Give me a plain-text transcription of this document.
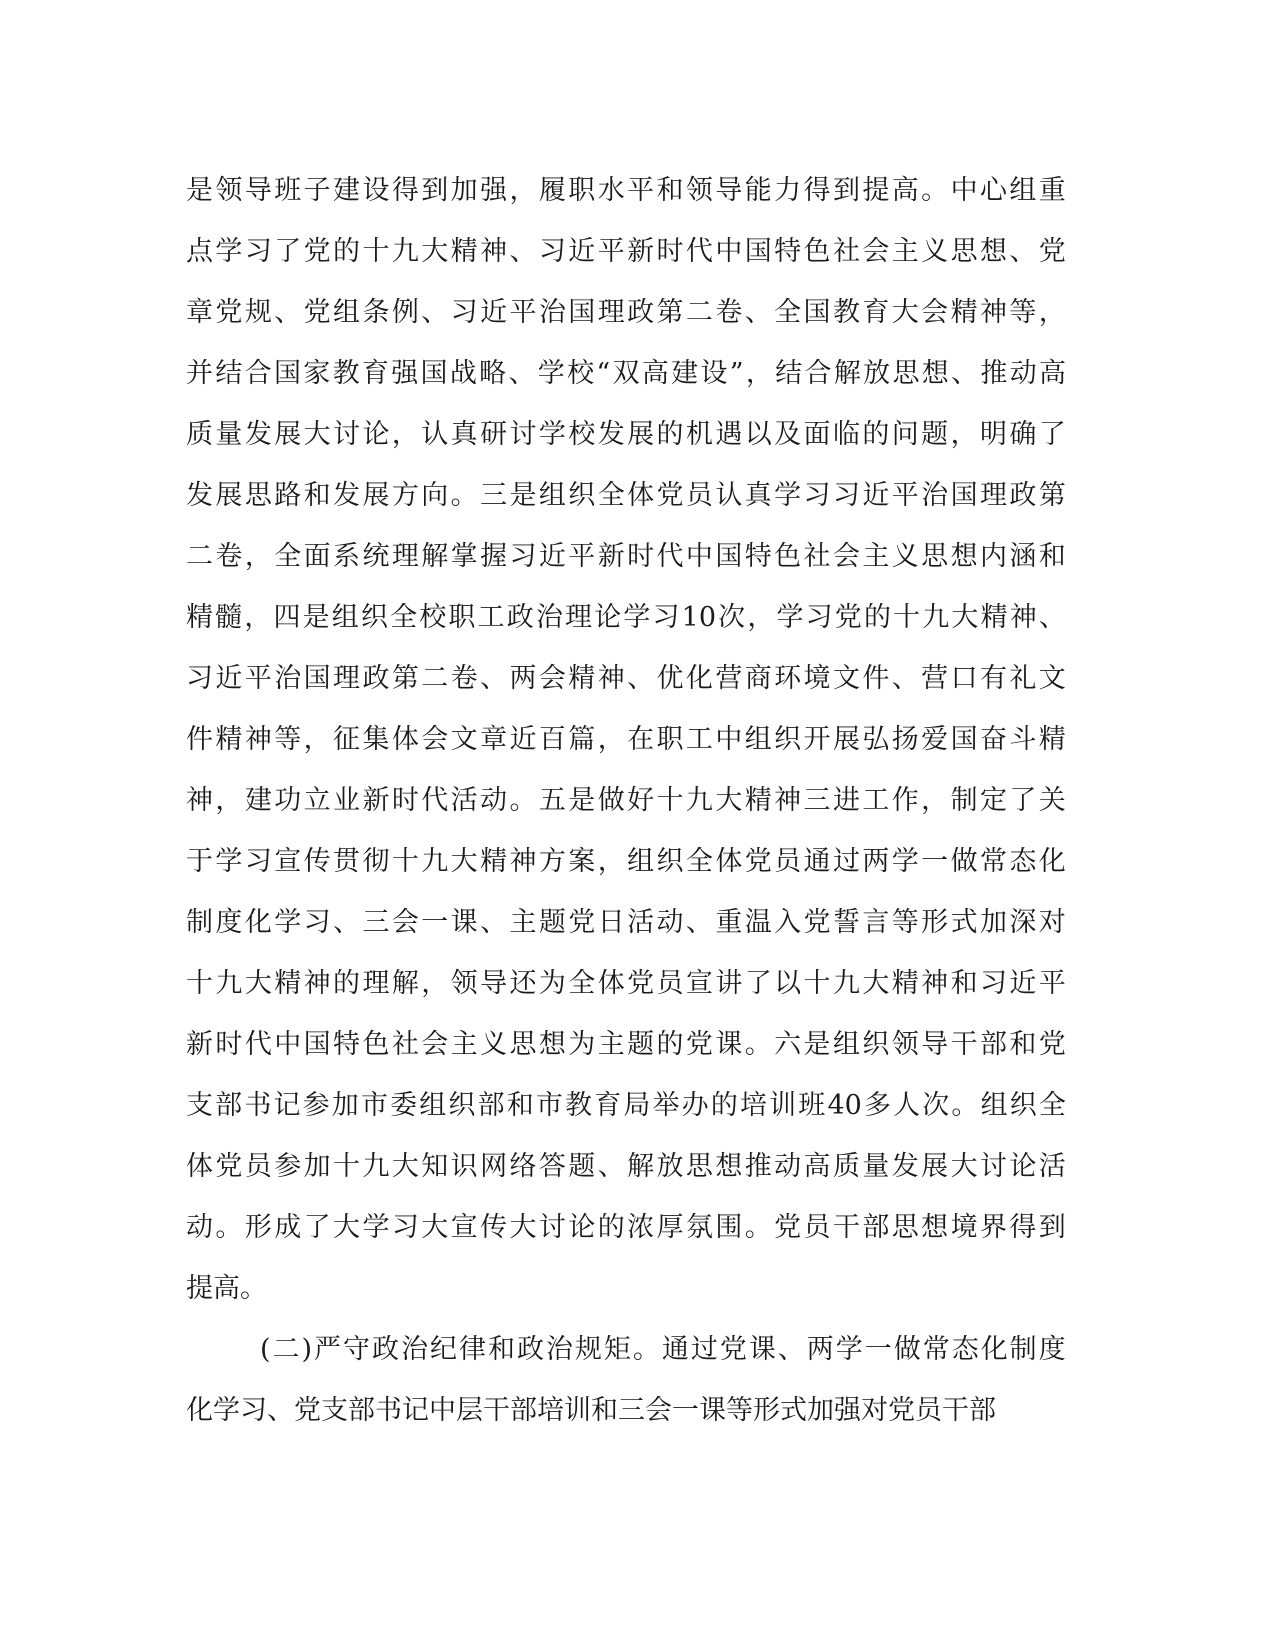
是 领 导 班 子 建 设 得 到 加 强 ， 履 职 水 平 和 领 导 能 力 得 到 提 高 。 中 心 组 重
点 学 习 了 党 的 十 九 大 精 神 、 习 近 平 新 时 代 中 国 特 色 社 会 主 义 思 想 、 党
章 党 规 、 党 组 条 例 、 习 近 平 治 国 理 政 第 二 卷 、 全 国 教 育 大 会 精 神 等 ，
并 结 合 国 家 教 育 强 国 战 略 、 学 校 “ 双 高 建 设 ” ， 结 合 解 放 思 想 、 推 动 高
质 量 发 展 大 讨 论 ， 认 真 研 讨 学 校 发 展 的 机 遇 以 及 面 临 的 问 题 ， 明 确 了
发 展 思 路 和 发 展 方 向 。 三 是 组 织 全 体 党 员 认 真 学 习 习 近 平 治 国 理 政 第
二 卷 ， 全 面 系 统 理 解 掌 握 习 近 平 新 时 代 中 国 特 色 社 会 主 义 思 想 内 涵 和
精 髓 ， 四 是 组 织 全 校 职 工 政 治 理 论 学 习 10 次 ， 学 习 党 的 十 九 大 精 神 、
习 近 平 治 国 理 政 第 二 卷 、 两 会 精 神 、 优 化 营 商 环 境 文 件 、 营 口 有 礼 文
件 精 神 等 ， 征 集 体 会 文 章 近 百 篇 ， 在 职 工 中 组 织 开 展 弘 扬 爱 国 奋 斗 精
神 ， 建 功 立 业 新 时 代 活 动 。 五 是 做 好 十 九 大 精 神 三 进 工 作 ， 制 定 了 关
于 学 习 宣 传 贯 彻 十 九 大 精 神 方 案 ， 组 织 全 体 党 员 通 过 两 学 一 做 常 态 化
制 度 化 学 习 、 三 会 一 课 、 主 题 党 日 活 动 、 重 温 入 党 誓 言 等 形 式 加 深 对
十 九 大 精 神 的 理 解 ， 领 导 还 为 全 体 党 员 宣 讲 了 以 十 九 大 精 神 和 习 近 平
新 时 代 中 国 特 色 社 会 主 义 思 想 为 主 题 的 党 课 。 六 是 组 织 领 导 干 部 和 党
支 部 书 记 参 加 市 委 组 织 部 和 市 教 育 局 举 办 的 培 训 班 40 多 人 次 。 组 织 全
体 党 员 参 加 十 九 大 知 识 网 络 答 题 、 解 放 思 想 推 动 高 质 量 发 展 大 讨 论 活
动 。 形 成 了 大 学 习 大 宣 传 大 讨 论 的 浓 厚 氛 围 。 党 员 干 部 思 想 境 界 得 到
提高。
( 二 ) 严 守 政 治 纪 律 和 政 治 规 矩 。 通 过 党 课 、 两 学 一 做 常 态 化 制 度
化学习、党支部书记中层干部培训和三会一课等形式加强对党员干部
